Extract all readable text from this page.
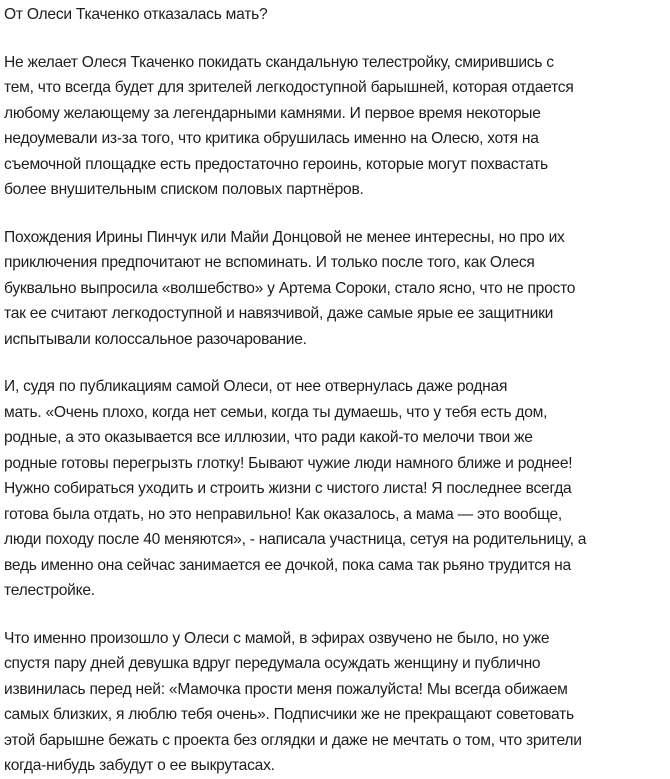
От Олеси Ткаченко отказалась мать?

Не желает Олеся Ткаченко покидать скандальную телестройку, смирившись с
тем, что всегда будет для зрителей легкодоступной барышней, которая отдается
любому желающему за легендарными камнями. И первое время некоторые
недоумевали из-за того, что критика обрушилась именно на Олесю, хотя на
съемочной площадке есть предостаточно героинь, которые могут похвастать
более внушительным списком половых партнёров.

Похождения Ирины Пинчук или Майи Донцовой не менее интересны, но про их
приключения предпочитают не вспоминать. И только после того, как Олеся
буквально выпросила «волшебство» у Артема Сороки, стало ясно, что не просто
так ее считают легкодоступной и навязчивой, даже самые ярые ее защитники
испытывали колоссальное разочарование.

И, судя по публикациям самой Олеси, от нее отвернулась даже родная
мать. «Очень плохо, когда нет семьи, когда ты думаешь, что у тебя есть дом,
родные, а это оказывается все иллюзии, что ради какой-то мелочи твои же
родные готовы перегрызть глотку! Бывают чужие люди намного ближе и роднее!
Нужно собираться уходить и строить жизни с чистого листа! Я последнее всегда
готова была отдать, но это неправильно! Как оказалось, а мама — это вообще,
люди походу после 40 меняются», - написала участница, сетуя на родительницу, а
ведь именно она сейчас занимается ее дочкой, пока сама так рьяно трудится на
телестройке.

Что именно произошло у Олеси с мамой, в эфирах озвучено не было, но уже
спустя пару дней девушка вдруг передумала осуждать женщину и публично
извинилась перед ней: «Мамочка прости меня пожалуйста! Мы всегда обижаем
самых близких, я люблю тебя очень». Подписчики же не прекращают советовать
этой барышне бежать с проекта без оглядки и даже не мечтать о том, что зрители
когда-нибудь забудут о ее выкрутасах.
